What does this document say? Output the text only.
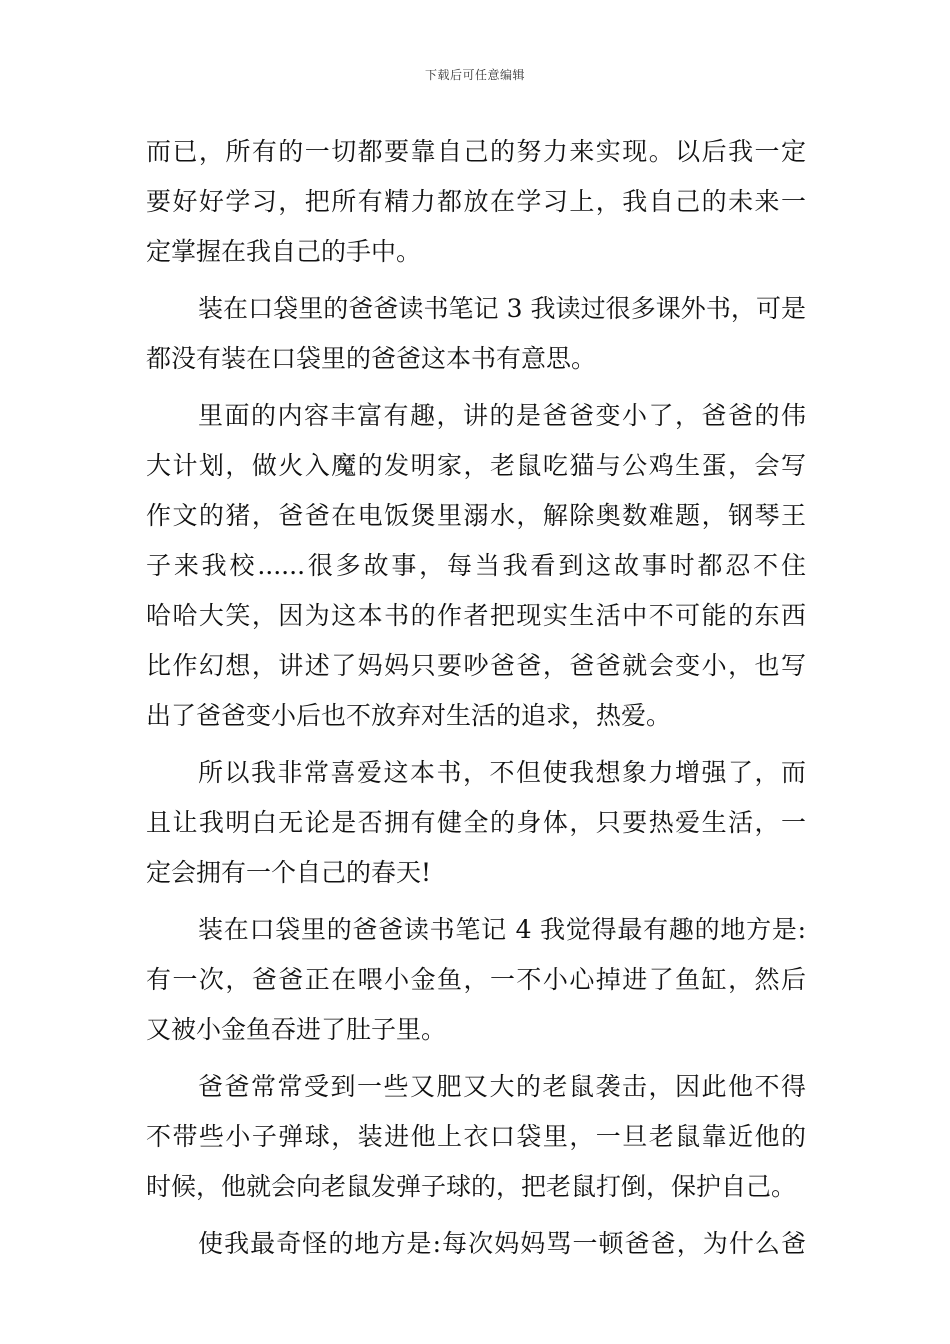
下载后可任意编辑
而已，所有的一切都要靠自己的努力来实现。以后我一定
要好好学习，把所有精力都放在学习上，我自己的未来一
定掌握在我自己的手中。
装在口袋里的爸爸读书笔记 3 我读过很多课外书，可是
都没有装在口袋里的爸爸这本书有意思。
里面的内容丰富有趣，讲的是爸爸变小了，爸爸的伟
大计划，做火入魔的发明家，老鼠吃猫与公鸡生蛋，会写
作文的猪，爸爸在电饭煲里溺水，解除奥数难题，钢琴王
子来我校......很多故事，每当我看到这故事时都忍不住
哈哈大笑，因为这本书的作者把现实生活中不可能的东西
比作幻想，讲述了妈妈只要吵爸爸，爸爸就会变小，也写
出了爸爸变小后也不放弃对生活的追求，热爱。
所以我非常喜爱这本书，不但使我想象力增强了，而
且让我明白无论是否拥有健全的身体，只要热爱生活，一
定会拥有一个自己的春天!
装在口袋里的爸爸读书笔记 4 我觉得最有趣的地方是:
有一次，爸爸正在喂小金鱼，一不小心掉进了鱼缸，然后
又被小金鱼吞进了肚子里。
爸爸常常受到一些又肥又大的老鼠袭击，因此他不得
不带些小子弹球，装进他上衣口袋里，一旦老鼠靠近他的
时候，他就会向老鼠发弹子球的，把老鼠打倒，保护自己。
使我最奇怪的地方是:每次妈妈骂一顿爸爸，为什么爸
